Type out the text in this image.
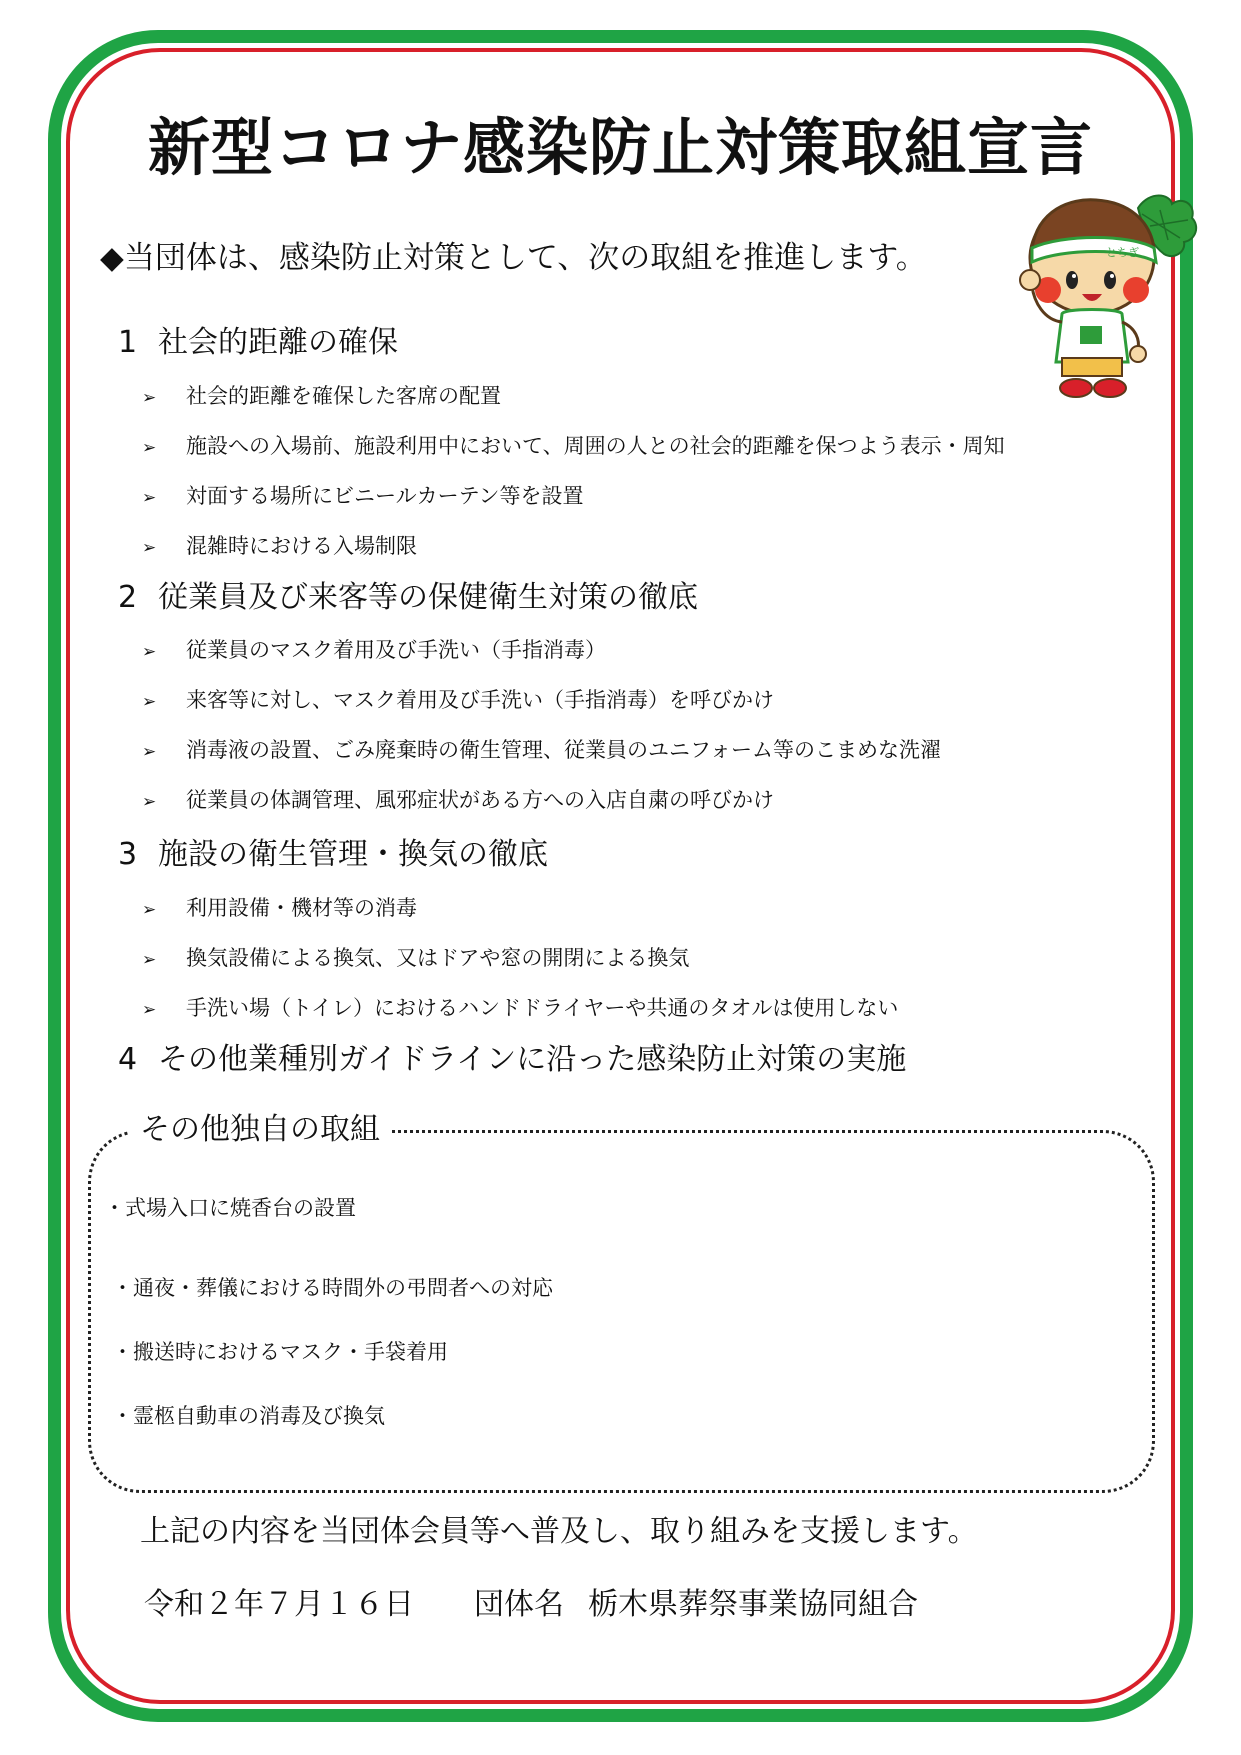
新型コロナ感染防止対策取組宣言
◆当団体は、感染防止対策として、次の取組を推進します。	とちぎ
1 社会的距離の確保
➢ 社会的距離を確保した客席の配置
➢ 施設への入場前、施設利用中において、周囲の人との社会的距離を保つよう表示・周知
➢ 対面する場所にビニールカーテン等を設置
➢ 混雑時における入場制限
2 従業員及び来客等の保健衛生対策の徹底
➢ 従業員のマスク着用及び手洗い（手指消毒）
➢ 来客等に対し、マスク着用及び手洗い（手指消毒）を呼びかけ
➢ 消毒液の設置、ごみ廃棄時の衛生管理、従業員のユニフォーム等のこまめな洗濯
➢ 従業員の体調管理、風邪症状がある方への入店自粛の呼びかけ
3 施設の衛生管理・換気の徹底
➢ 利用設備・機材等の消毒
➢ 換気設備による換気、又はドアや窓の開閉による換気
➢ 手洗い場（トイレ）におけるハンドドライヤーや共通のタオルは使用しない
4 その他業種別ガイドラインに沿った感染防止対策の実施
その他独自の取組
・式場入口に焼香台の設置
・通夜・葬儀における時間外の弔問者への対応
・搬送時におけるマスク・手袋着用
・霊柩自動車の消毒及び換気
上記の内容を当団体会員等へ普及し、取り組みを支援します。
令和２年７月１６日 団体名 栃木県葬祭事業協同組合
